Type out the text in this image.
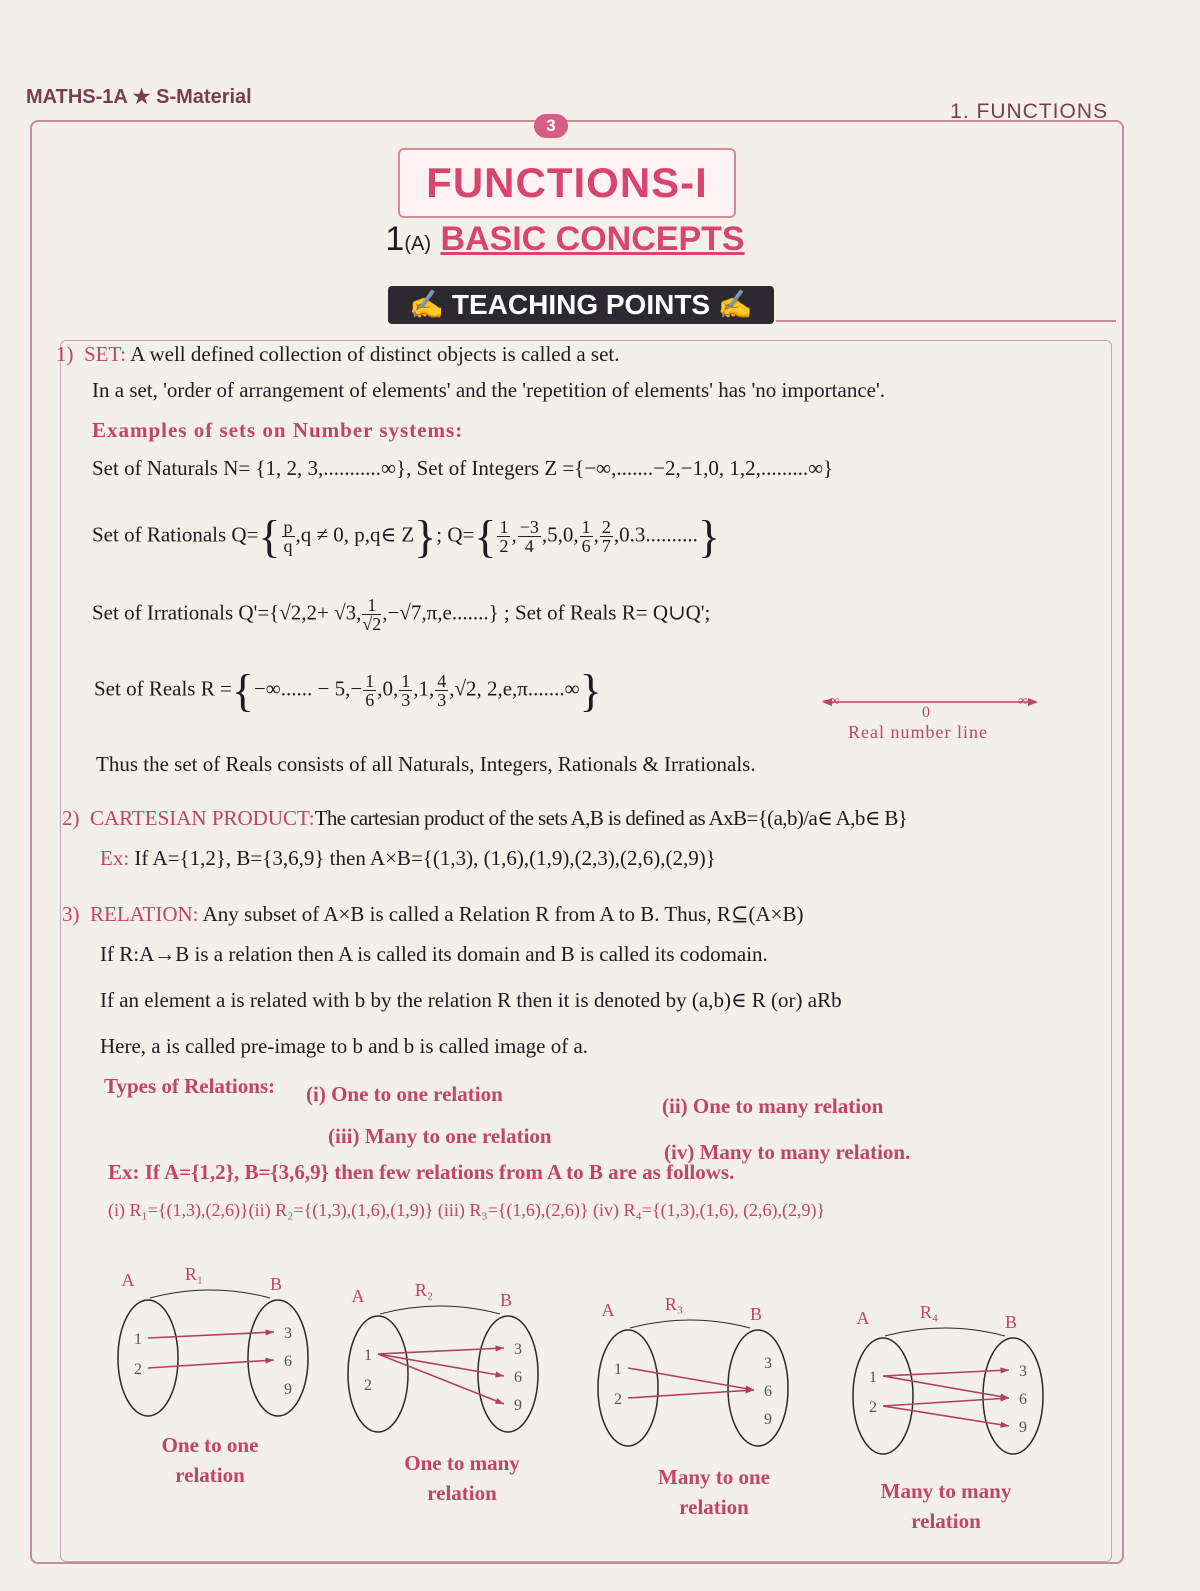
MATHS-1A ★ S-Material
1. FUNCTIONS
3
FUNCTIONS-I
1(A) BASIC CONCEPTS
✍ TEACHING POINTS ✍
1) SET: A well defined collection of distinct objects is called a set.
In a set, 'order of arrangement of elements' and the 'repetition of elements' has 'no importance'.
Examples of sets on Number systems:
Set of Naturals N= {1, 2, 3,...........∞}, Set of Integers Z ={−∞,.......−2,−1,0, 1,2,.........∞}
Set of Rationals $Q=\{ \frac{p}{q} ,q \ne 0$, p,q∈ Z}; $Q=\{ \frac{1}{2}$ , $\frac{-3}{4} ,5,0$, $\frac{1}{6}$ , $\frac{2}{7} ,0.3$..........}
Set of Irrationals Q'={√2,2+ √3, $\frac{1}{√2} ,-√7,\pi,e$.......} ; Set of Reals R= Q∪Q';
Set of Reals R ={−∞...... − $5,- \frac{1}{6} ,0$, $\frac{1}{3} ,1$, $\frac{4}{3} ,√2$, 2,e,π.......∞}	−∞
0
∞
Real number line
Thus the set of Reals consists of all Naturals, Integers, Rationals & Irrationals.
2) CARTESIAN PRODUCT:The cartesian product of the sets A,B is defined as AxB={(a,b)/a∈ A,b∈ B}
Ex: If A={1,2}, B={3,6,9} then A×B={(1,3), (1,6),(1,9),(2,3),(2,6),(2,9)}
3) RELATION: Any subset of A×B is called a Relation R from A to B. Thus, R⊆(A×B)
If R:A→B is a relation then A is called its domain and B is called its codomain.
If an element a is related with b by the relation R then it is denoted by (a,b)∈ R (or) aRb
Here, a is called pre-image to b and b is called image of a.
Types of Relations: (i) One to one relation	(ii) One to many relation
(iii) Many to one relation
(iv) Many to many relation.
Ex: If A={1,2}, B={3,6,9} then few relations from A to B are as follows.
(i) R₁={(1,3),(2,6)}(ii) R₂={(1,3),(1,6),(1,9)} (iii) R₃={(1,6),(2,6)} (iv) R₄={(1,3),(1,6), (2,6),(2,9)}
A	R₁	B
1
2
3
6
9
One to one
relation
A	R₂	B
1
2
3
6
9
One to many
relation
A	R₃	B
1
2
3
6
9
Many to one
relation
A	R₄	B
1
2
3
6
9
Many to many
relation
